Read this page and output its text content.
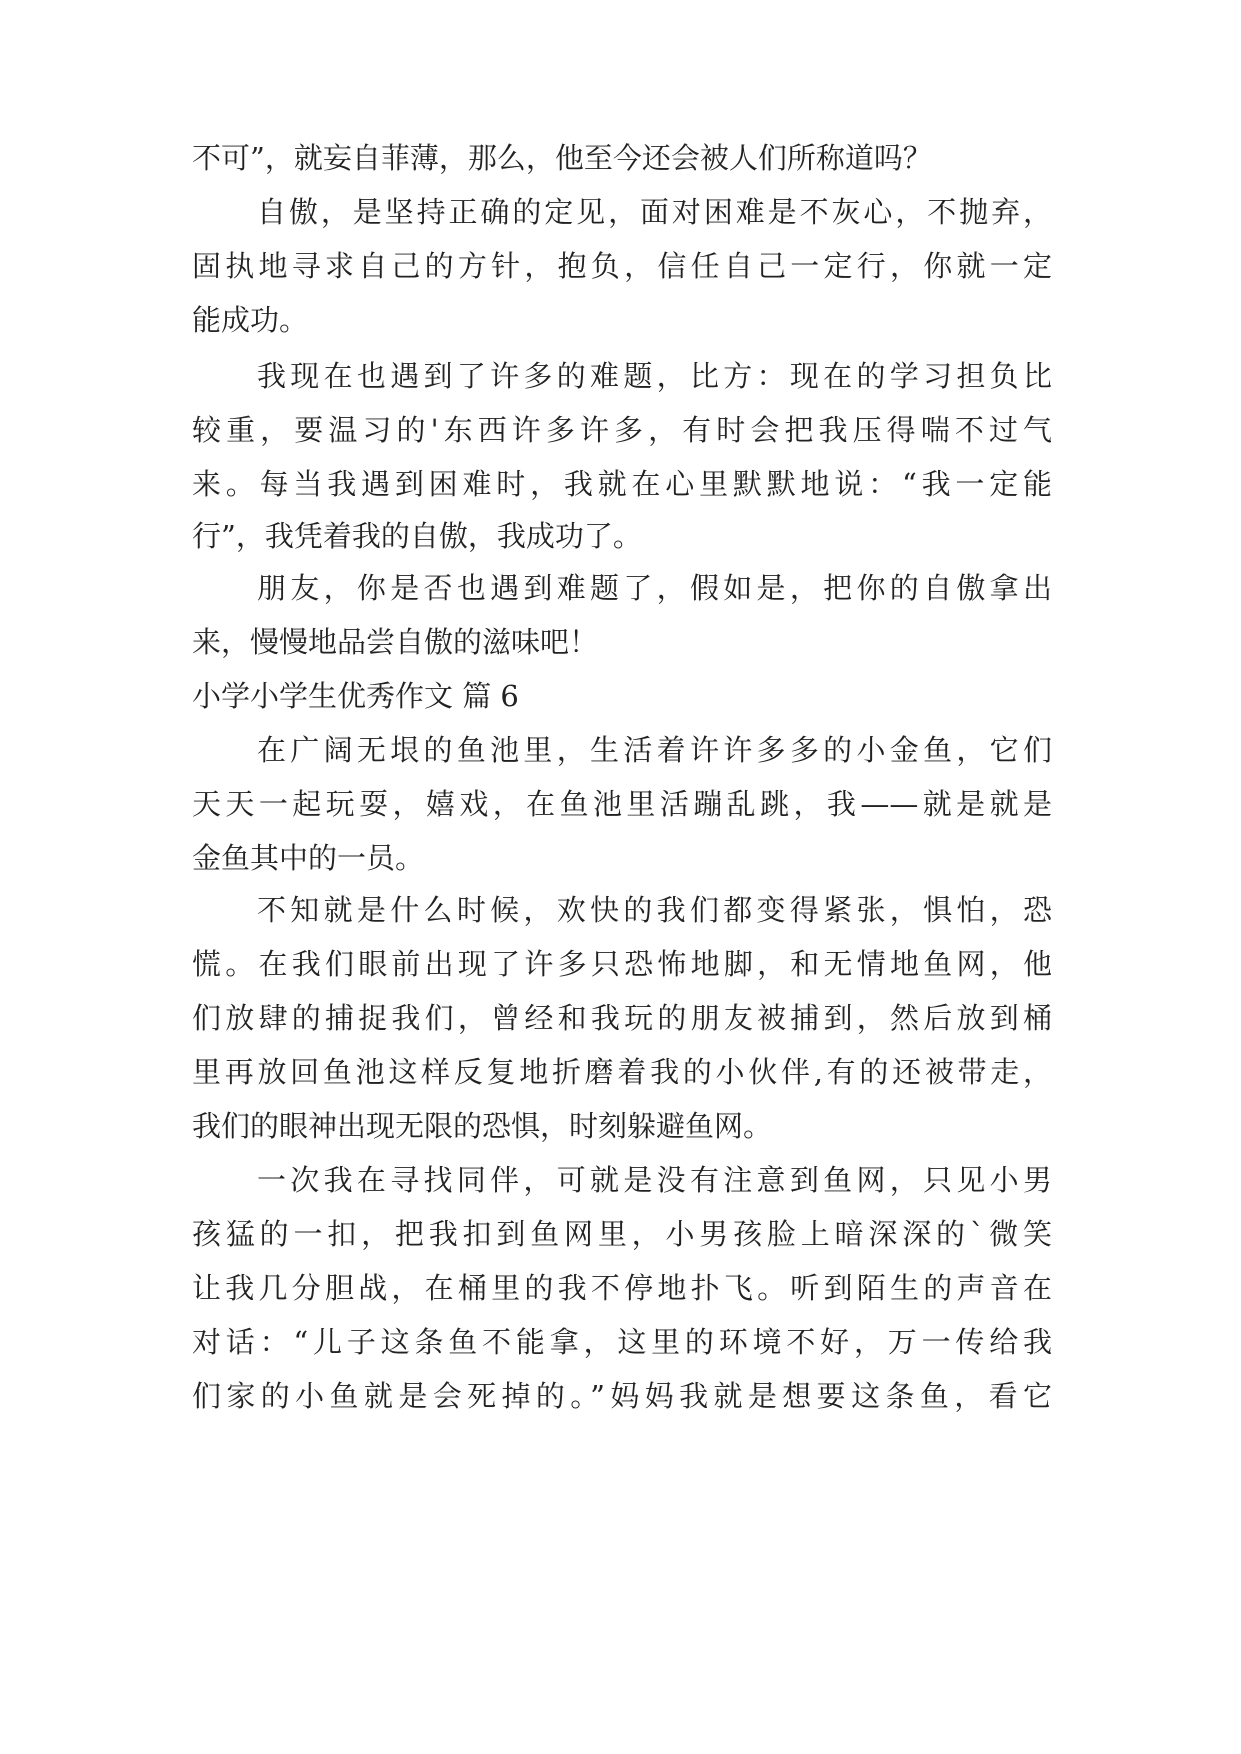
不可”，就妄自菲薄，那么，他至今还会被人们所称道吗？
自傲，是坚持正确的定见，面对困难是不灰心，不抛弃，
固执地寻求自己的方针，抱负，信任自己一定行，你就一定
能成功。
我现在也遇到了许多的难题，比方：现在的学习担负比
较重，要温习的'东西许多许多，有时会把我压得喘不过气
来。每当我遇到困难时，我就在心里默默地说：“我一定能
行”，我凭着我的自傲，我成功了。
朋友，你是否也遇到难题了，假如是，把你的自傲拿出
来，慢慢地品尝自傲的滋味吧！
小学小学生优秀作文 篇 6
在广阔无垠的鱼池里，生活着许许多多的小金鱼，它们
天天一起玩耍，嬉戏，在鱼池里活蹦乱跳，我——就是就是
金鱼其中的一员。
不知就是什么时候，欢快的我们都变得紧张，惧怕，恐
慌。在我们眼前出现了许多只恐怖地脚，和无情地鱼网，他
们放肆的捕捉我们，曾经和我玩的朋友被捕到，然后放到桶
里再放回鱼池这样反复地折磨着我的小伙伴,有的还被带走，
我们的眼神出现无限的恐惧，时刻躲避鱼网。
一次我在寻找同伴，可就是没有注意到鱼网，只见小男
孩猛的一扣，把我扣到鱼网里，小男孩脸上暗深深的`微笑
让我几分胆战，在桶里的我不停地扑飞。听到陌生的声音在
对话：“儿子这条鱼不能拿，这里的环境不好，万一传给我
们家的小鱼就是会死掉的。”妈妈我就是想要这条鱼，看它
